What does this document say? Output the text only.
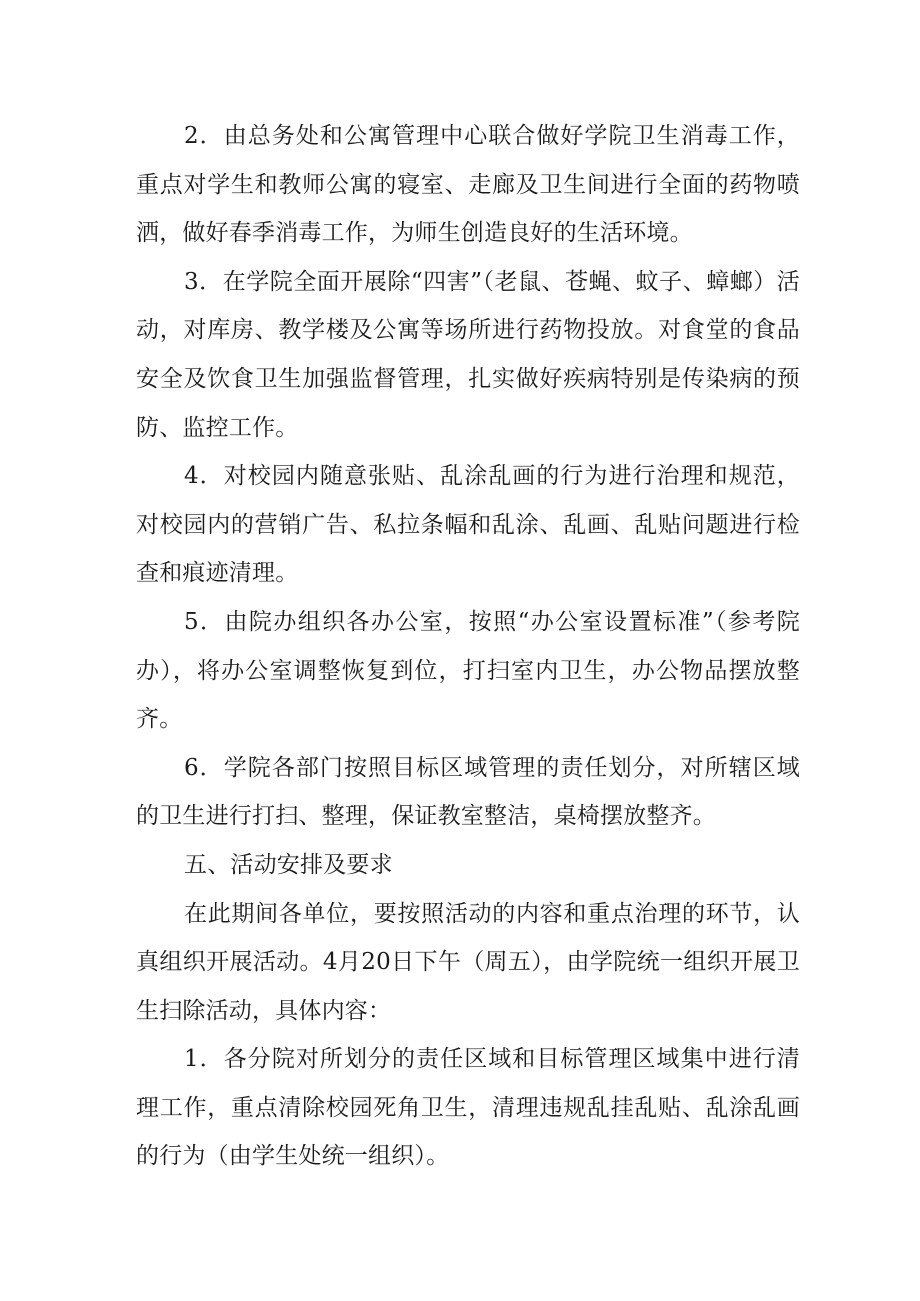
2．由总务处和公寓管理中心联合做好学院卫生消毒工作，重点对学生和教师公寓的寝室、走廊及卫生间进行全面的药物喷洒，做好春季消毒工作，为师生创造良好的生活环境。

3．在学院全面开展除“四害”（老鼠、苍蝇、蚊子、蟑螂）活动，对库房、教学楼及公寓等场所进行药物投放。对食堂的食品安全及饮食卫生加强监督管理，扎实做好疾病特别是传染病的预防、监控工作。

4．对校园内随意张贴、乱涂乱画的行为进行治理和规范，对校园内的营销广告、私拉条幅和乱涂、乱画、乱贴问题进行检查和痕迹清理。

5．由院办组织各办公室，按照“办公室设置标准”（参考院办），将办公室调整恢复到位，打扫室内卫生，办公物品摆放整齐。

6．学院各部门按照目标区域管理的责任划分，对所辖区域的卫生进行打扫、整理，保证教室整洁，桌椅摆放整齐。

五、活动安排及要求

在此期间各单位，要按照活动的内容和重点治理的环节，认真组织开展活动。4月20日下午（周五），由学院统一组织开展卫生扫除活动，具体内容：

1．各分院对所划分的责任区域和目标管理区域集中进行清理工作，重点清除校园死角卫生，清理违规乱挂乱贴、乱涂乱画的行为（由学生处统一组织）。
